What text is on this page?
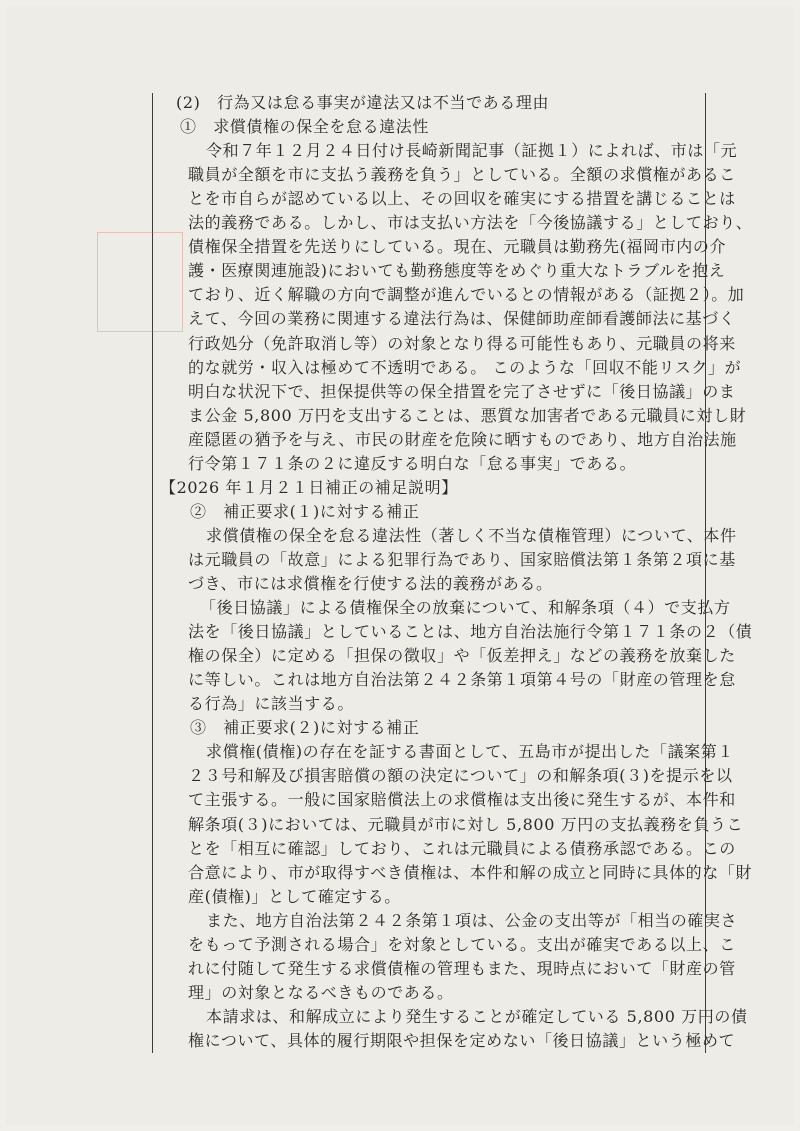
(2)　行為又は怠る事実が違法又は不当である理由
①　求償債権の保全を怠る違法性
令和７年１２月２４日付け長崎新聞記事（証拠１）によれば、市は「元
職員が全額を市に支払う義務を負う」としている。全額の求償権があるこ
とを市自らが認めている以上、その回収を確実にする措置を講じることは
法的義務である。しかし、市は支払い方法を「今後協議する」としており、
債権保全措置を先送りにしている。現在、元職員は勤務先(福岡市内の介
護・医療関連施設)においても勤務態度等をめぐり重大なトラブルを抱え
ており、近く解職の方向で調整が進んでいるとの情報がある（証拠２）。加
えて、今回の業務に関連する違法行為は、保健師助産師看護師法に基づく
行政処分（免許取消し等）の対象となり得る可能性もあり、元職員の将来
的な就労・収入は極めて不透明である。 このような「回収不能リスク」が
明白な状況下で、担保提供等の保全措置を完了させずに「後日協議」のま
ま公金 5,800 万円を支出することは、悪質な加害者である元職員に対し財
産隠匿の猶予を与え、市民の財産を危険に晒すものであり、地方自治法施
行令第１７１条の２に違反する明白な「怠る事実」である。
【2026 年１月２１日補正の補足説明】
②　補正要求(１)に対する補正
求償債権の保全を怠る違法性（著しく不当な債権管理）について、本件
は元職員の「故意」による犯罪行為であり、国家賠償法第１条第２項に基
づき、市には求償権を行使する法的義務がある。
「後日協議」による債権保全の放棄について、和解条項（４）で支払方
法を「後日協議」としていることは、地方自治法施行令第１７１条の２（債
権の保全）に定める「担保の徴収」や「仮差押え」などの義務を放棄した
に等しい。これは地方自治法第２４２条第１項第４号の「財産の管理を怠
る行為」に該当する。
③　補正要求(２)に対する補正
求償権(債権)の存在を証する書面として、五島市が提出した「議案第１
２３号和解及び損害賠償の額の決定について」の和解条項(３)を提示を以
て主張する。一般に国家賠償法上の求償権は支出後に発生するが、本件和
解条項(３)においては、元職員が市に対し 5,800 万円の支払義務を負うこ
とを「相互に確認」しており、これは元職員による債務承認である。この
合意により、市が取得すべき債権は、本件和解の成立と同時に具体的な「財
産(債権)」として確定する。
また、地方自治法第２４２条第１項は、公金の支出等が「相当の確実さ
をもって予測される場合」を対象としている。支出が確実である以上、こ
れに付随して発生する求償債権の管理もまた、現時点において「財産の管
理」の対象となるべきものである。
本請求は、和解成立により発生することが確定している 5,800 万円の債
権について、具体的履行期限や担保を定めない「後日協議」という極めて
